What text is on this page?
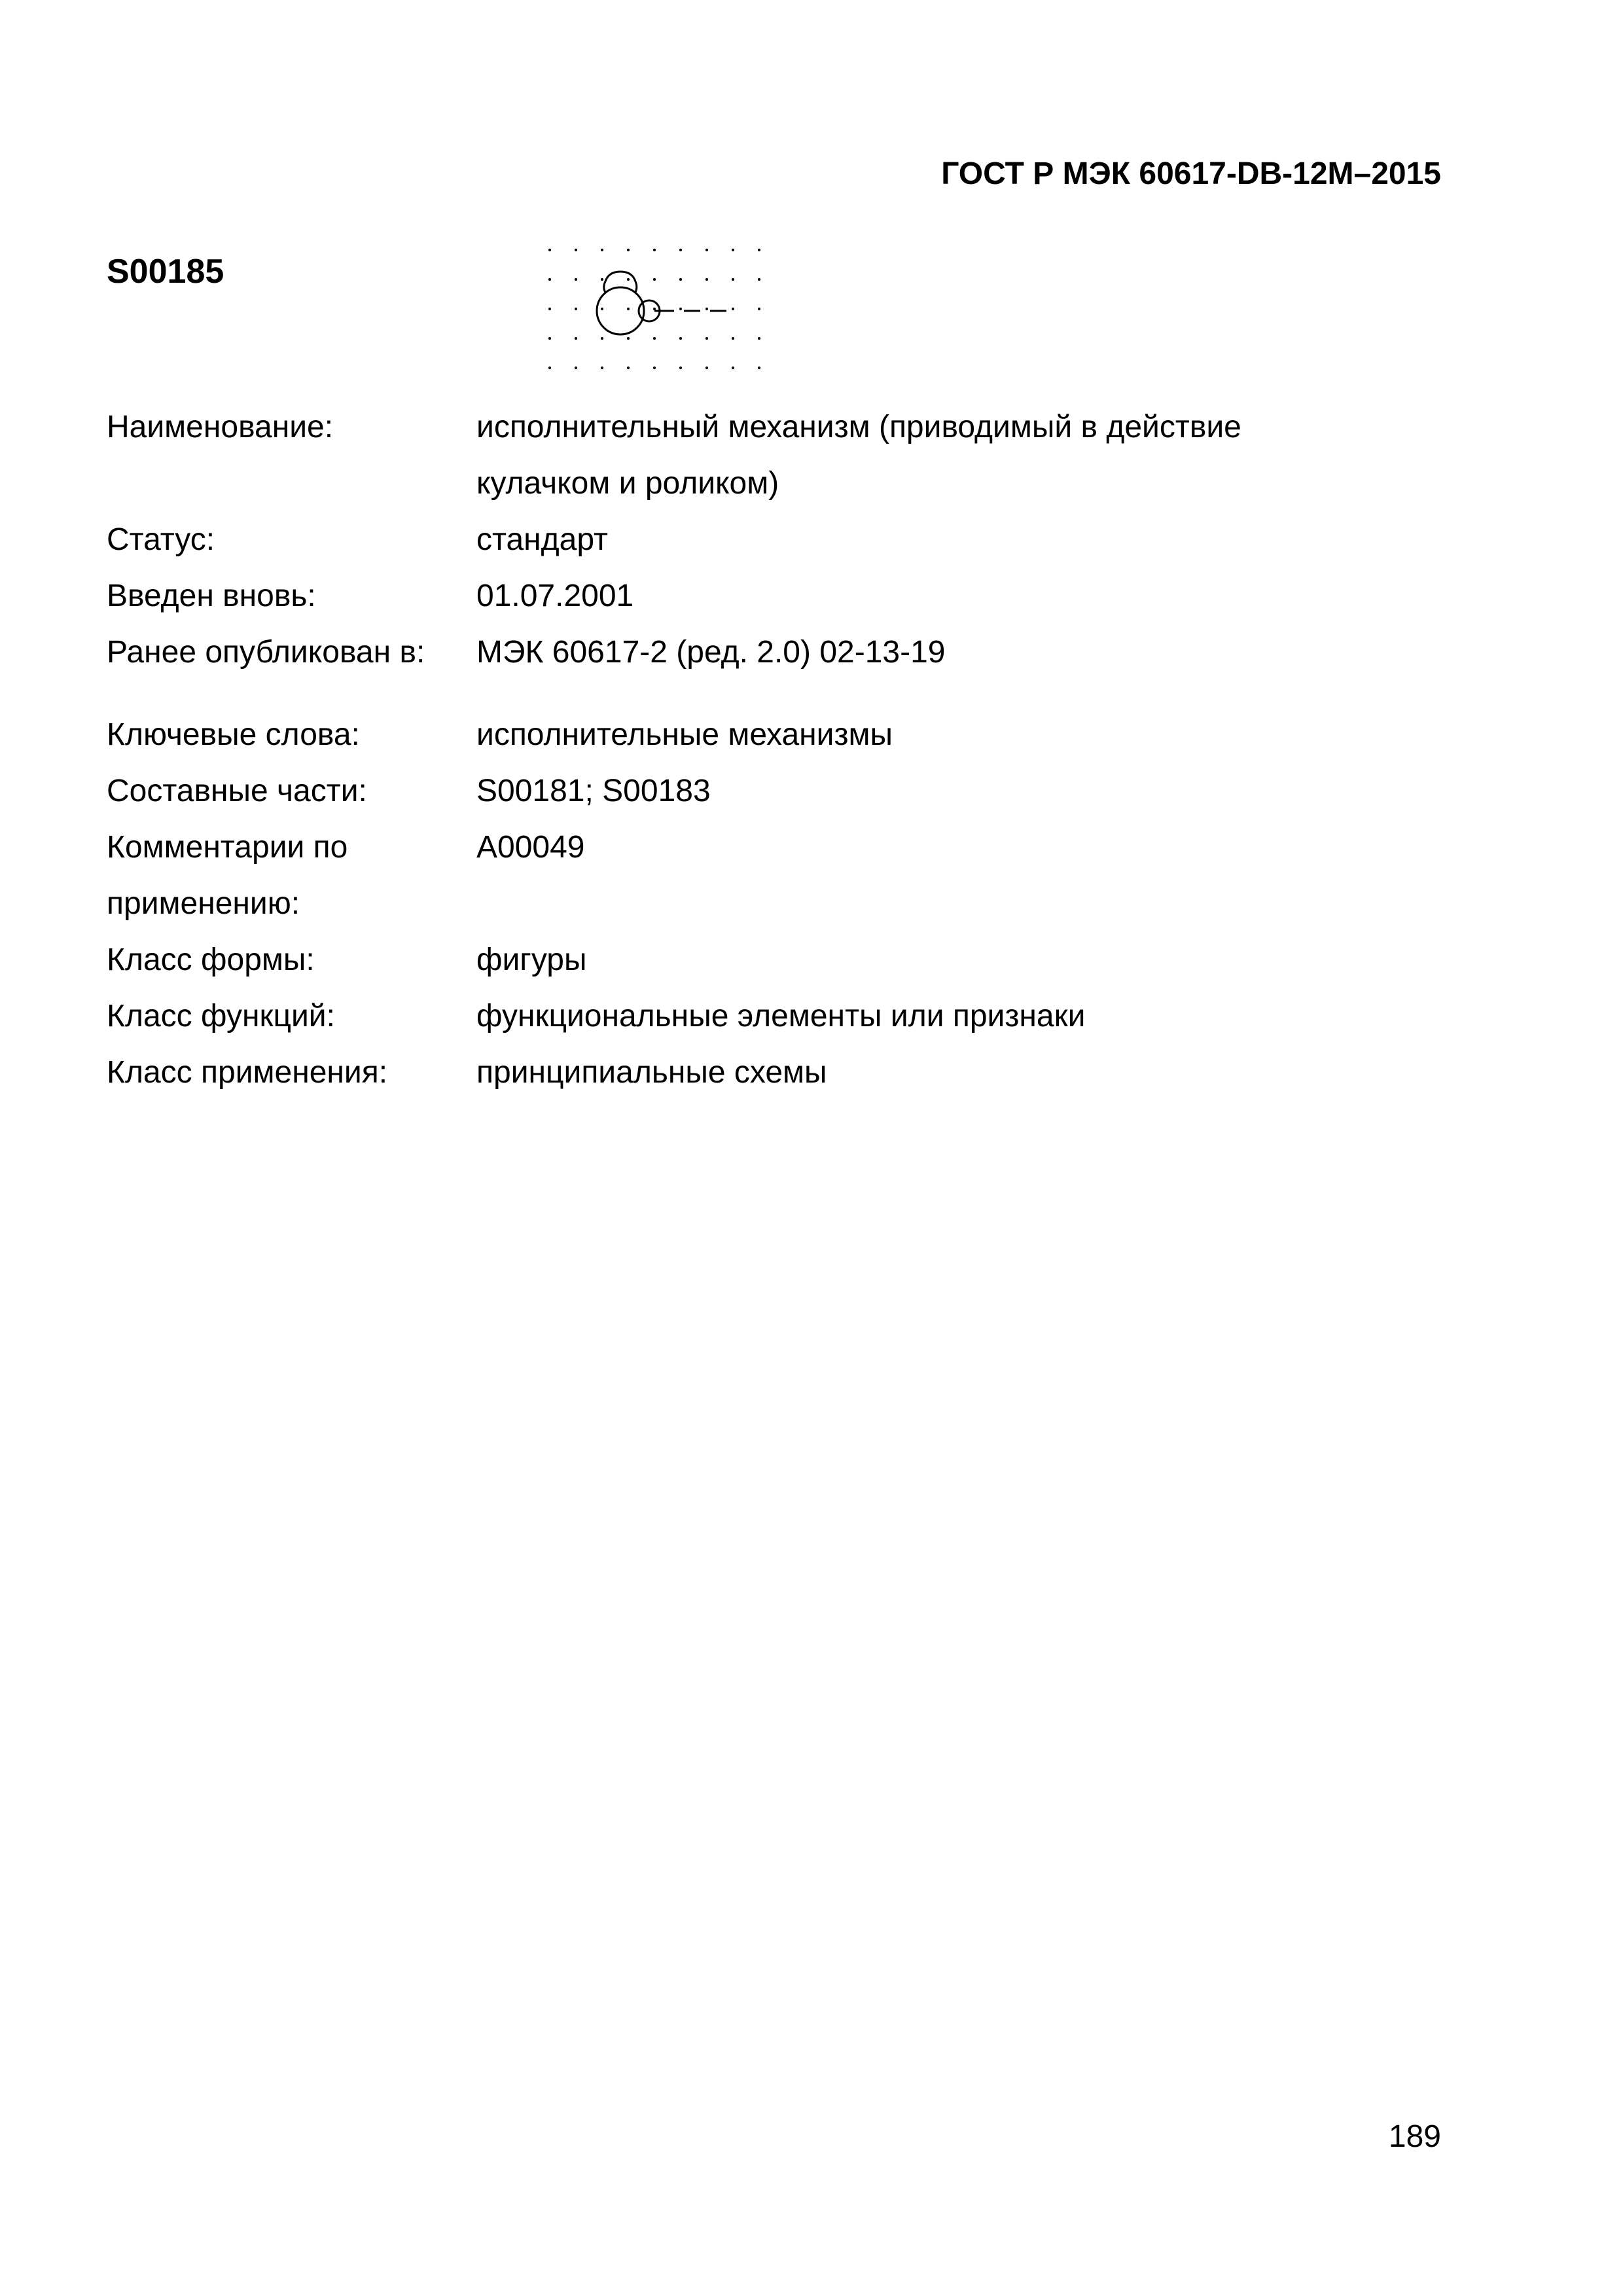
ГОСТ Р МЭК 60617-DB-12M–2015
S00185
Наименование:	исполнительный механизм (приводимый в действие
кулачком и роликом)
Статус:	стандарт
Введен вновь:	01.07.2001
Ранее опубликован в:	МЭК 60617-2 (ред. 2.0) 02-13-19
Ключевые слова:	исполнительные механизмы
Составные части:	S00181; S00183
Комментарии по	A00049
применению:
Класс формы:	фигуры
Класс функций:	функциональные элементы или признаки
Класс применения:	принципиальные схемы
189
